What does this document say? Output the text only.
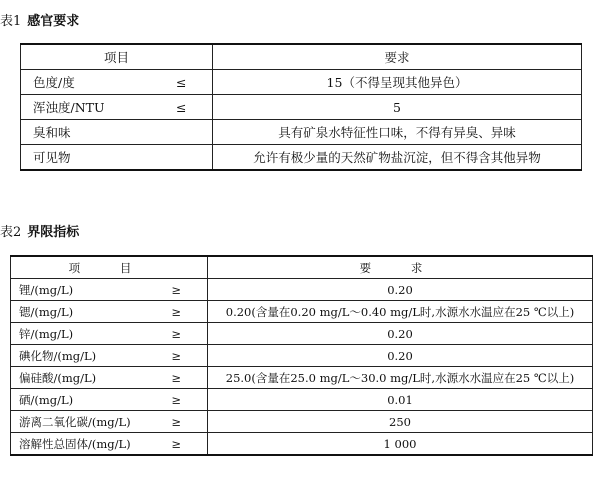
表1 感官要求
项目		要求
色度/度	≤	15（不得呈现其他异色）
浑浊度/NTU	≤	5
臭和味		具有矿泉水特征性口味，不得有异臭、异味
可见物		允许有极少量的天然矿物盐沉淀，但不得含其他异物
表2 界限指标
项 目		要 求
锂/(mg/L)	≥	0.20
锶/(mg/L)	≥	0.20(含量在0.20 mg/L～0.40 mg/L时,水源水水温应在25 ℃以上)
锌/(mg/L)	≥	0.20
碘化物/(mg/L)	≥	0.20
偏硅酸/(mg/L)	≥	25.0(含量在25.0 mg/L～30.0 mg/L时,水源水水温应在25 ℃以上)
硒/(mg/L)	≥	0.01
游离二氧化碳/(mg/L)	≥	250
溶解性总固体/(mg/L)	≥	1 000
